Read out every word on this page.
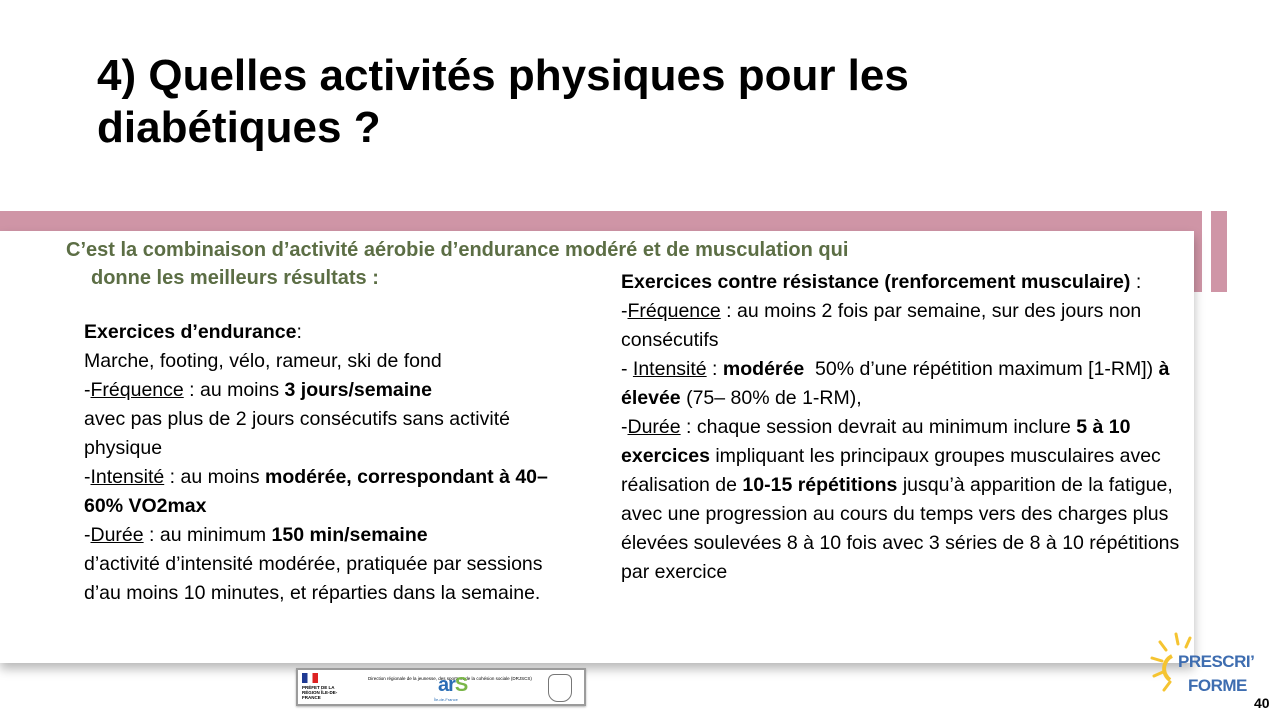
4) Quelles activités physiques pour les diabétiques ?
C’est la combinaison d’activité aérobie d’endurance modéré et de musculation qui
donne les meilleurs résultats :

Exercices d’endurance:

Marche, footing, vélo, rameur, ski de fond

-Fréquence : au moins 3 jours/semaine
avec pas plus de 2 jours consécutifs sans activité physique

-Intensité : au moins modérée, correspondant à 40–60% VO2max

-Durée : au minimum 150 min/semaine
d’activité d’intensité modérée, pratiquée par sessions d’au moins 10 minutes, et réparties dans la semaine.

Exercices contre résistance (renforcement musculaire) :

-Fréquence : au moins 2 fois par semaine, sur des jours non consécutifs

- Intensité : modérée  50% d’une répétition maximum [1-RM]) à élevée (75– 80% de 1-RM),

-Durée : chaque session devrait au minimum inclure 5 à 10 exercices impliquant les principaux groupes musculaires avec réalisation de 10-15 répétitions jusqu’à apparition de la fatigue, avec une progression au cours du temps vers des charges plus élevées soulevées 8 à 10 fois avec 3 séries de 8 à 10 répétitions par exercice

PRÉFET DE LA RÉGION ÎLE-DE-FRANCE
Direction régionale de la jeunesse, des sports et de la cohésion sociale (DRJSCS)
arS
Île-de-France
PRESCRI’
FORME
40
